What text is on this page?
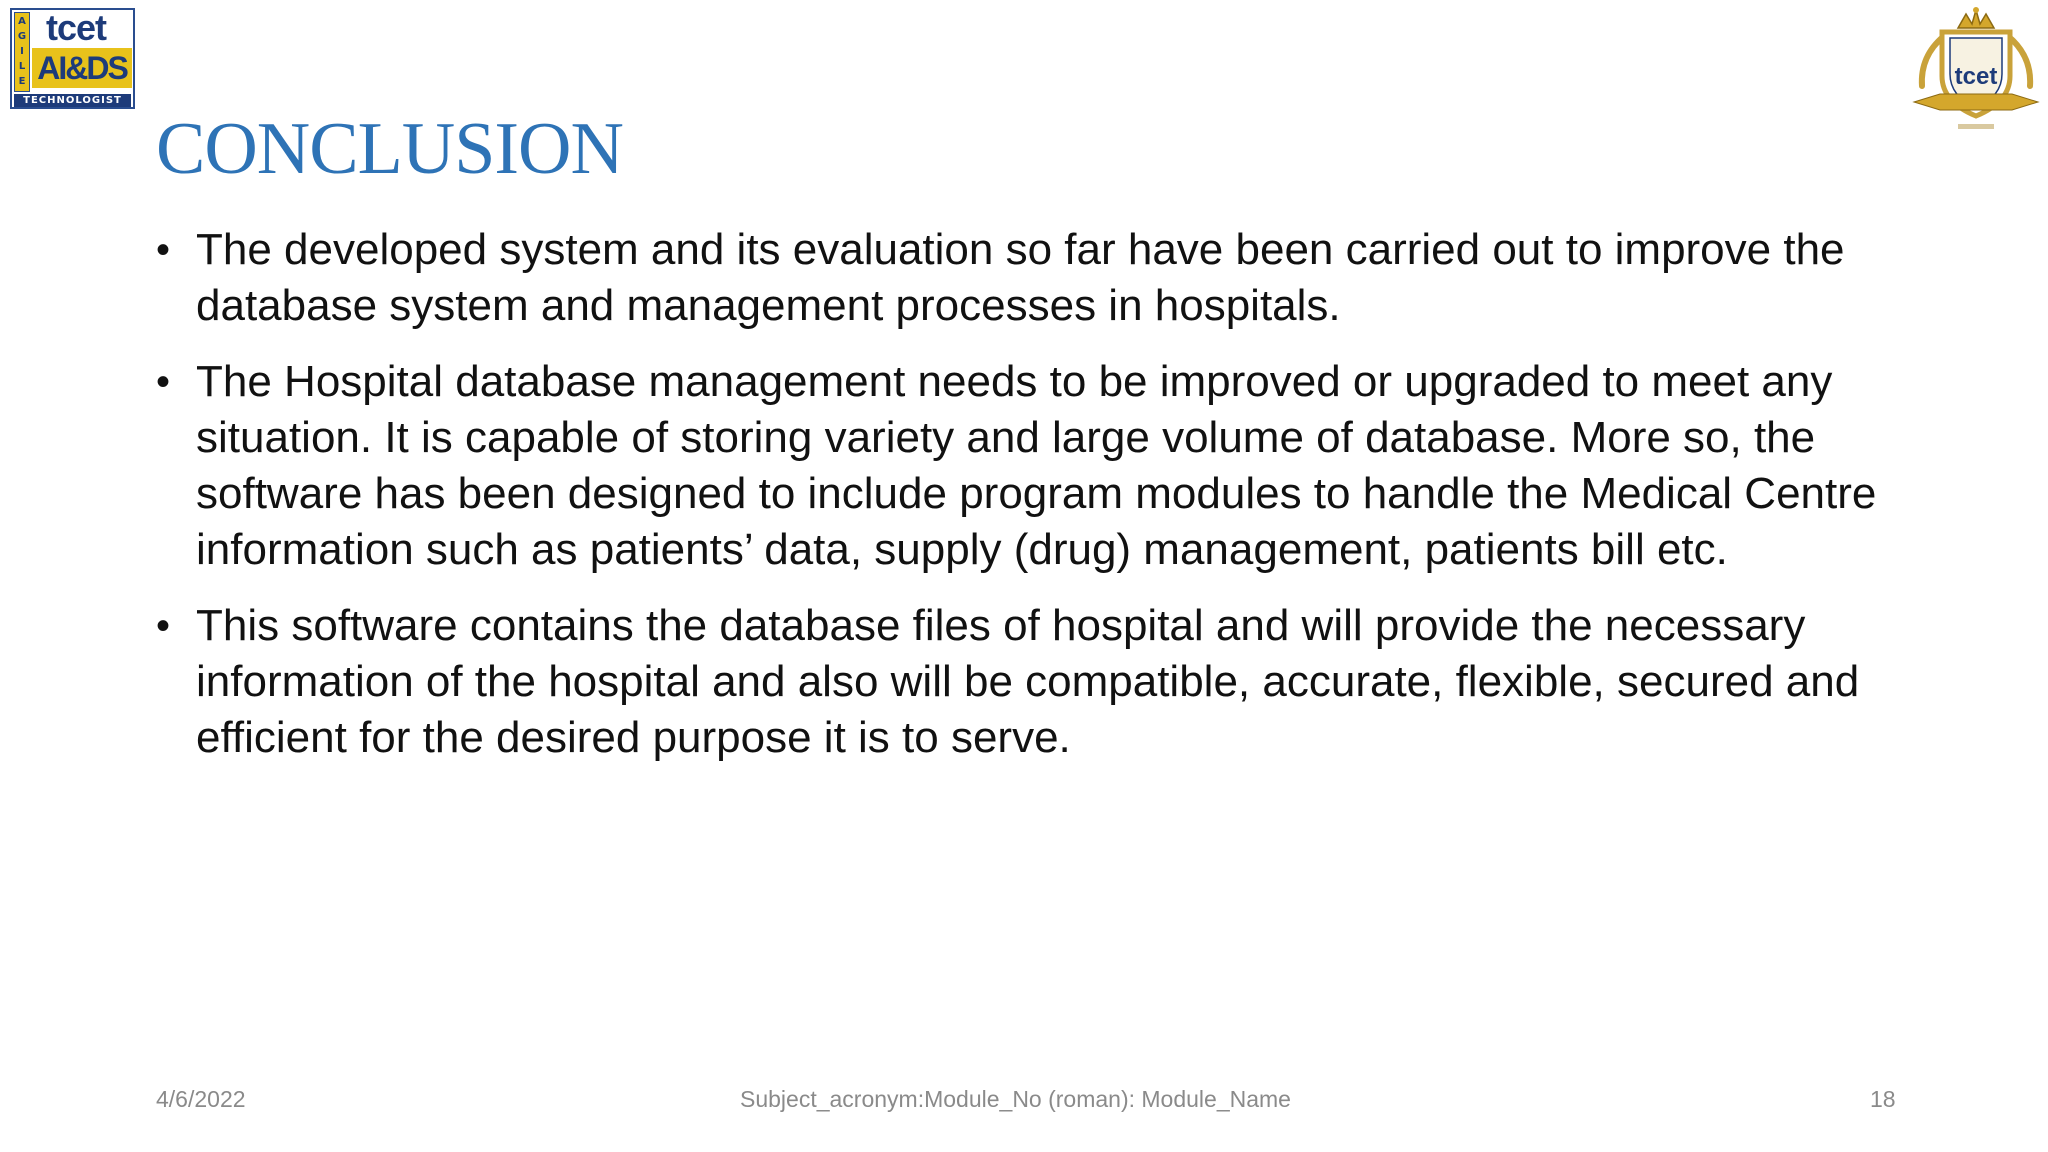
A
G
I
L
E
tcet
AI&DS
TECHNOLOGIST
tcet
CONCLUSION
• The developed system and its evaluation so far have been carried out to improve the database system and management processes in hospitals.
• The Hospital database management needs to be improved or upgraded to meet any situation. It is capable of storing variety and large volume of database. More so, the software has been designed to include program modules to handle the Medical Centre information such as patients’ data, supply (drug) management, patients bill etc.
• This software contains the database files of hospital and will provide the necessary information of the hospital and also will be compatible, accurate, flexible, secured and efficient for the desired purpose it is to serve.
4/6/2022	Subject_acronym:Module_No (roman): Module_Name	18
